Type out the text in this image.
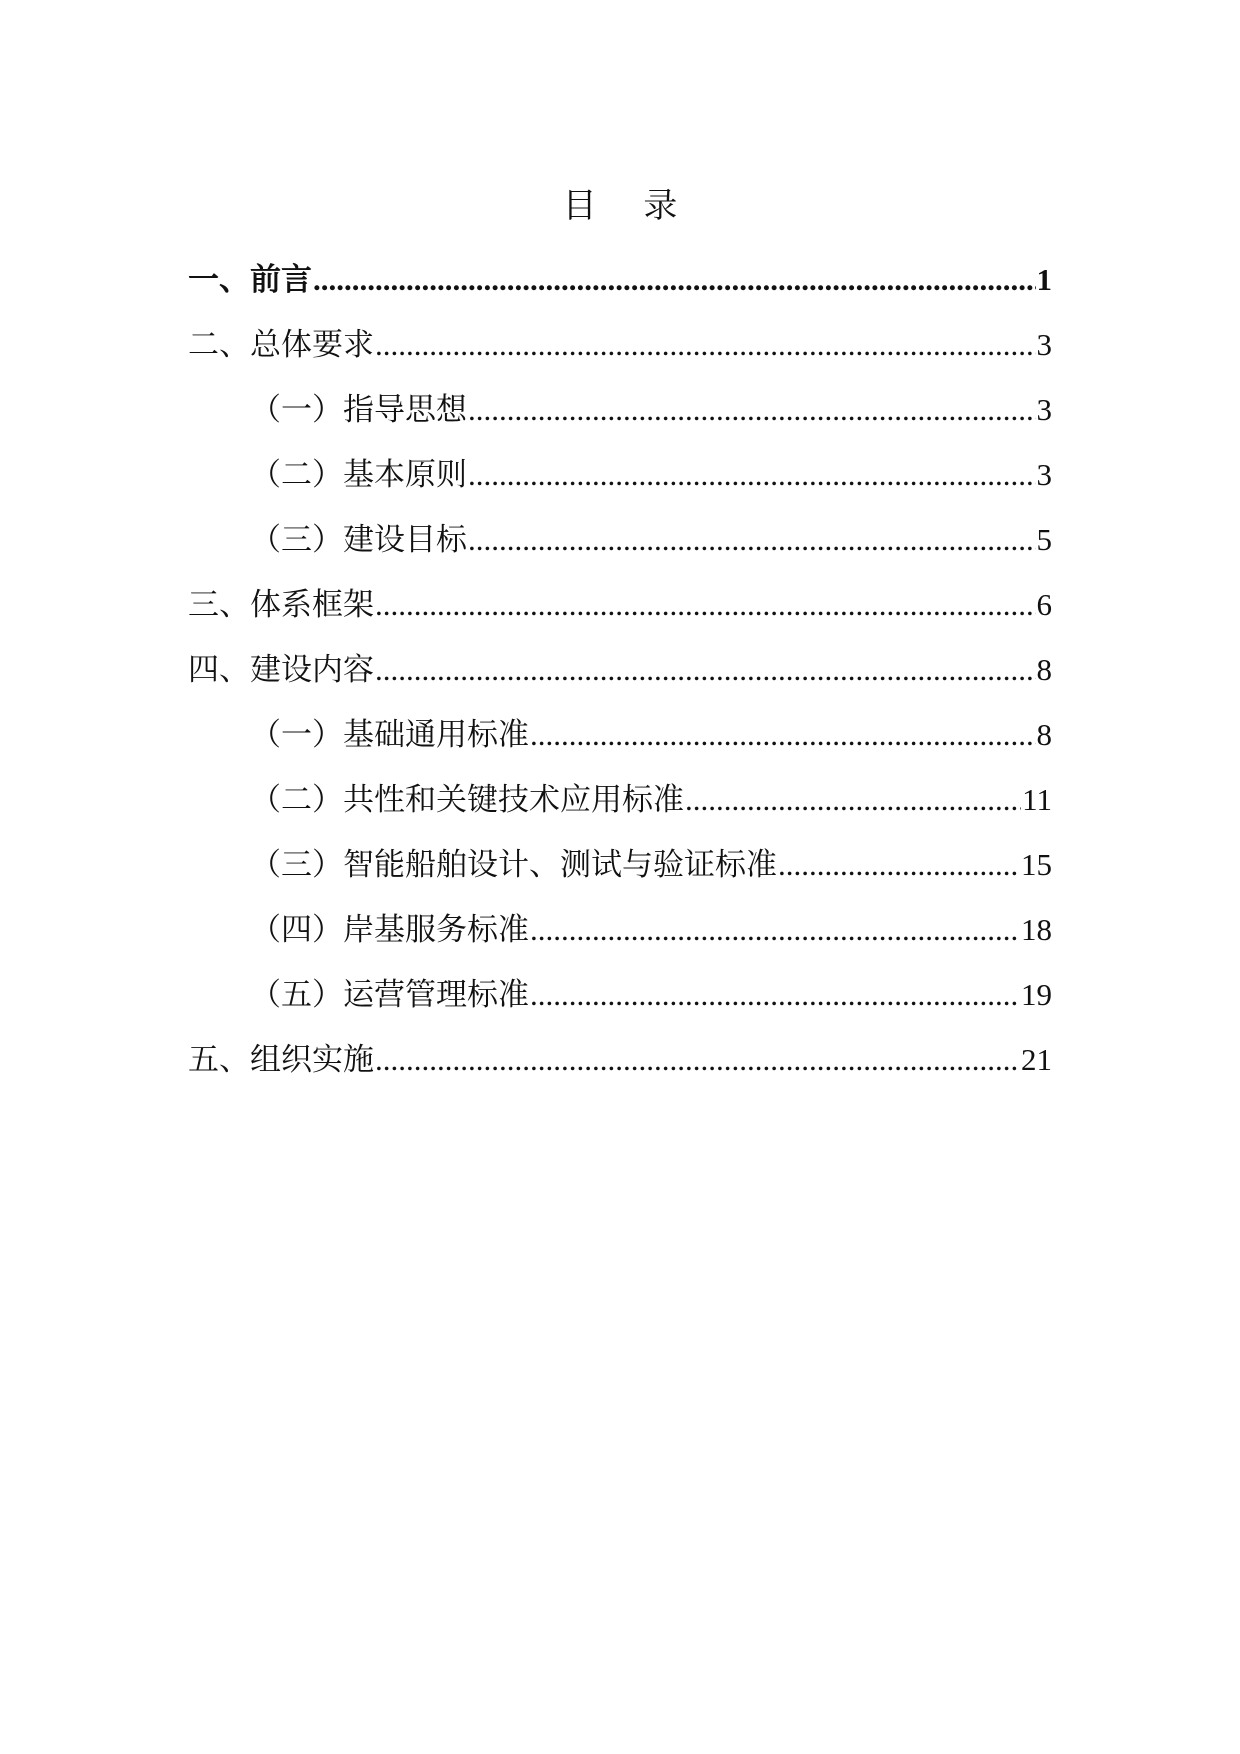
目 录
一、前言 .....	1
二、总体要求 .....	3
（一）指导思想 .....	3
（二）基本原则 .....	3
（三）建设目标 .....	5
三、体系框架 .....	6
四、建设内容 .....	8
（一）基础通用标准 .....	8
（二）共性和关键技术应用标准 .....	11
（三）智能船舶设计、测试与验证标准 .....	15
（四）岸基服务标准 .....	18
（五）运营管理标准 .....	19
五、组织实施 .....	21
